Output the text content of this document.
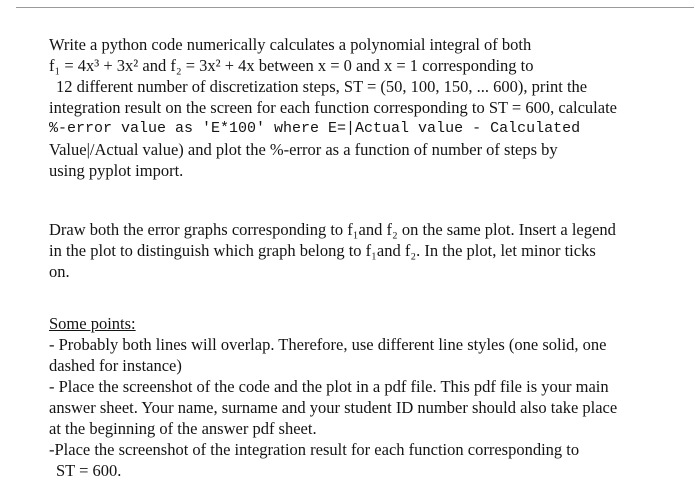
Write a python code numerically calculates a polynomial integral of both
f₁ = 4x³ + 3x² and f₂ = 3x² + 4x between x = 0 and x = 1 corresponding to
12 different number of discretization steps, ST = (50, 100, 150, ... 600), print the
integration result on the screen for each function corresponding to ST = 600, calculate
%-error value as 'E*100' where E=|Actual value - Calculated
Value|/Actual value) and plot the %-error as a function of number of steps by
using pyplot import.
Draw both the error graphs corresponding to f₁and f₂ on the same plot. Insert a legend
in the plot to distinguish which graph belong to f₁and f₂. In the plot, let minor ticks
on.
Some points:
- Probably both lines will overlap. Therefore, use different line styles (one solid, one
dashed for instance)
- Place the screenshot of the code and the plot in a pdf file. This pdf file is your main
answer sheet. Your name, surname and your student ID number should also take place
at the beginning of the answer pdf sheet.
-Place the screenshot of the integration result for each function corresponding to
ST = 600.
